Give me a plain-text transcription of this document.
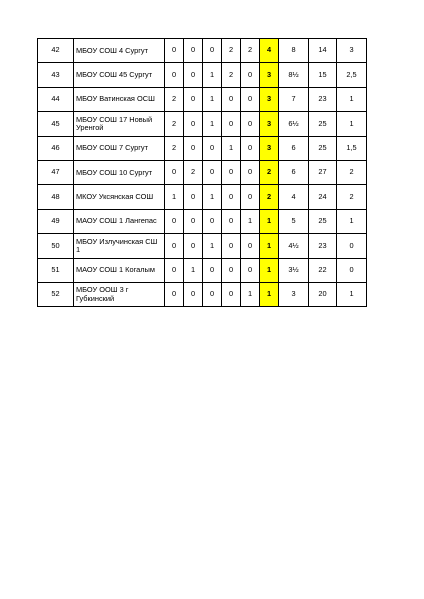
42	МБОУ СОШ 4 Сургут	0	0	0	2	2	4	8	14	3
43	МБОУ СОШ 45 Сургут	0	0	1	2	0	3	8½	15	2,5
44	МБОУ Ватинская ОСШ	2	0	1	0	0	3	7	23	1
45	МБОУ СОШ 17 Новый Уренгой	2	0	1	0	0	3	6½	25	1
46	МБОУ СОШ 7 Сургут	2	0	0	1	0	3	6	25	1,5
47	МБОУ СОШ 10 Сургут	0	2	0	0	0	2	6	27	2
48	МКОУ Уксянская СОШ	1	0	1	0	0	2	4	24	2
49	МАОУ СОШ 1 Лангепас	0	0	0	0	1	1	5	25	1
50	МБОУ Излучинская СШ 1	0	0	1	0	0	1	4½	23	0
51	МАОУ СОШ 1 Когалым	0	1	0	0	0	1	3½	22	0
52	МБОУ ООШ 3 г Губкинский	0	0	0	0	1	1	3	20	1
